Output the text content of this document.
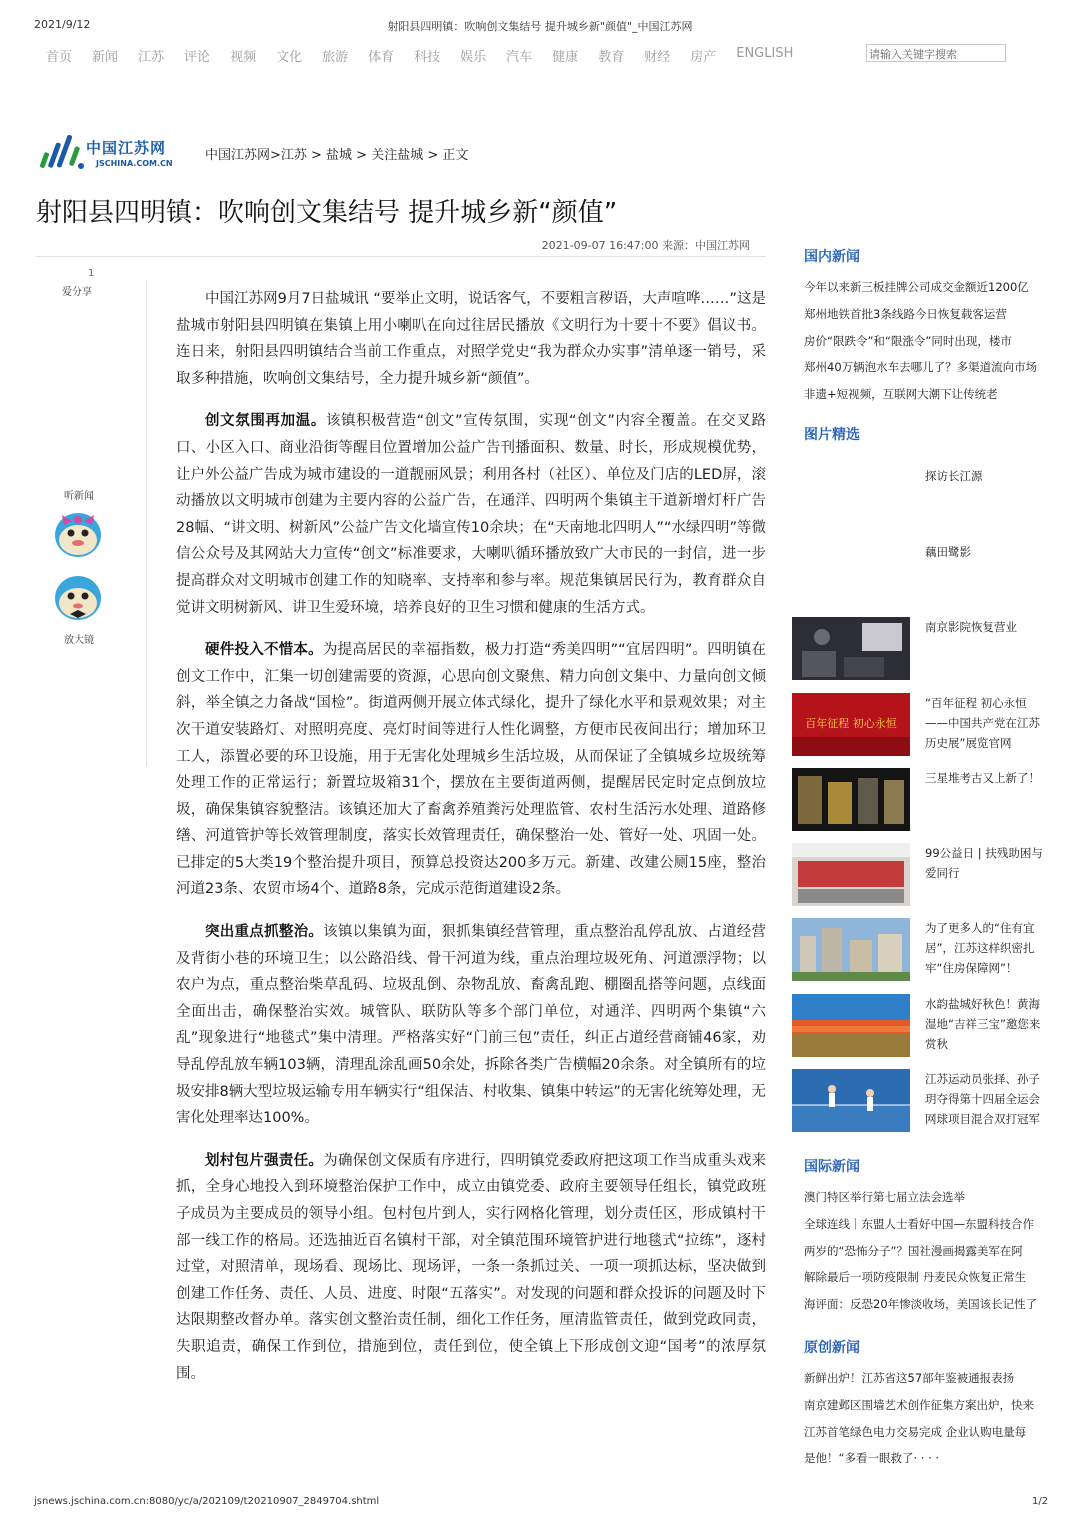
2021/9/12	射阳县四明镇：吹响创文集结号 提升城乡新"颜值"_中国江苏网
首页 新闻 江苏 评论 视频 文化 旅游 体育 科技 娱乐 汽车 健康 教育 财经 房产 ENGLISH	请输入关键字搜索
中国江苏网
JSCHINA.COM.CN
中国江苏网>江苏 > 盐城 > 关注盐城 > 正文
射阳县四明镇：吹响创文集结号 提升城乡新“颜值”
2021-09-07 16:47:00 来源：中国江苏网
1
爱分享
听新闻
放大镜

中国江苏网9月7日盐城讯 “要举止文明，说话客气，不要粗言秽语，大声喧哗……”这是盐城市射阳县四明镇在集镇上用小喇叭在向过往居民播放《文明行为十要十不要》倡议书。连日来，射阳县四明镇结合当前工作重点，对照学党史“我为群众办实事”清单逐一销号，采取多种措施，吹响创文集结号，全力提升城乡新“颜值”。

创文氛围再加温。该镇积极营造“创文”宣传氛围，实现“创文”内容全覆盖。在交叉路口、小区入口、商业沿街等醒目位置增加公益广告刊播面积、数量、时长，形成规模优势，让户外公益广告成为城市建设的一道靓丽风景；利用各村（社区）、单位及门店的LED屏，滚动播放以文明城市创建为主要内容的公益广告，在通洋、四明两个集镇主干道新增灯杆广告28幅、“讲文明、树新风”公益广告文化墙宣传10余块；在“天南地北四明人”“水绿四明”等微信公众号及其网站大力宣传“创文”标准要求，大喇叭循环播放致广大市民的一封信，进一步提高群众对文明城市创建工作的知晓率、支持率和参与率。规范集镇居民行为，教育群众自觉讲文明树新风、讲卫生爱环境，培养良好的卫生习惯和健康的生活方式。

硬件投入不惜本。为提高居民的幸福指数，极力打造“秀美四明”“宜居四明”。四明镇在创文工作中，汇集一切创建需要的资源，心思向创文聚焦、精力向创文集中、力量向创文倾斜，举全镇之力备战“国检”。街道两侧开展立体式绿化，提升了绿化水平和景观效果；对主次干道安装路灯、对照明亮度、亮灯时间等进行人性化调整，方便市民夜间出行；增加环卫工人，添置必要的环卫设施，用于无害化处理城乡生活垃圾，从而保证了全镇城乡垃圾统筹处理工作的正常运行；新置垃圾箱31个，摆放在主要街道两侧，提醒居民定时定点倒放垃圾，确保集镇容貌整洁。该镇还加大了畜禽养殖粪污处理监管、农村生活污水处理、道路修缮、河道管护等长效管理制度，落实长效管理责任，确保整治一处、管好一处、巩固一处。已排定的5大类19个整治提升项目，预算总投资达200多万元。新建、改建公厕15座，整治河道23条、农贸市场4个、道路8条，完成示范街道建设2条。

突出重点抓整治。该镇以集镇为面，狠抓集镇经营管理，重点整治乱停乱放、占道经营及背街小巷的环境卫生；以公路沿线、骨干河道为线，重点治理垃圾死角、河道漂浮物；以农户为点，重点整治柴草乱码、垃圾乱倒、杂物乱放、畜禽乱跑、棚圈乱搭等问题，点线面全面出击，确保整治实效。城管队、联防队等多个部门单位，对通洋、四明两个集镇“六乱”现象进行“地毯式”集中清理。严格落实好“门前三包”责任，纠正占道经营商铺46家，劝导乱停乱放车辆103辆，清理乱涂乱画50余处，拆除各类广告横幅20余条。对全镇所有的垃圾安排8辆大型垃圾运输专用车辆实行“组保洁、村收集、镇集中转运”的无害化统筹处理，无害化处理率达100%。

划村包片强责任。为确保创文保质有序进行，四明镇党委政府把这项工作当成重头戏来抓，全身心地投入到环境整治保护工作中，成立由镇党委、政府主要领导任组长，镇党政班子成员为主要成员的领导小组。包村包片到人，实行网格化管理，划分责任区，形成镇村干部一线工作的格局。还选抽近百名镇村干部，对全镇范围环境管护进行地毯式“拉练”，逐村过堂，对照清单，现场看、现场比、现场评，一条一条抓过关、一项一项抓达标，坚决做到创建工作任务、责任、人员、进度、时限“五落实”。对发现的问题和群众投诉的问题及时下达限期整改督办单。落实创文整治责任制，细化工作任务，厘清监管责任，做到党政同责，失职追责，确保工作到位，措施到位，责任到位，使全镇上下形成创文迎“国考”的浓厚氛围。

国内新闻
今年以来新三板挂牌公司成交金额近1200亿
郑州地铁首批3条线路今日恢复载客运营
房价“限跌令”和“限涨令”同时出现，楼市
郑州40万辆泡水车去哪儿了？多渠道流向市场
非遗+短视频，互联网大潮下让传统老
图片精选
探访长江源
藕田鹭影
南京影院恢复营业
百年征程 初心永恒
“百年征程 初心永恒——中国共产党在江苏历史展”展览官网
三星堆考古又上新了！
99公益日 | 扶残助困与爱同行
为了更多人的“住有宜居”，江苏这样织密扎牢“住房保障网”！
水韵盐城好秋色！黄海湿地“吉祥三宝”邀您来赏秋
江苏运动员张择、孙子玥夺得第十四届全运会网球项目混合双打冠军
国际新闻
澳门特区举行第七届立法会选举
全球连线｜东盟人士看好中国—东盟科技合作
两岁的“恐怖分子”？国社漫画揭露美军在阿
解除最后一项防疫限制 丹麦民众恢复正常生
海评面：反恐20年惨淡收场，美国该长记性了
原创新闻
新鲜出炉！江苏省这57部年鉴被通报表扬
南京建邺区围墙艺术创作征集方案出炉，快来
江苏首笔绿色电力交易完成 企业认购电量每
是他！“多看一眼救了· · · ·
jsnews.jschina.com.cn:8080/yc/a/202109/t20210907_2849704.shtml	1/2
